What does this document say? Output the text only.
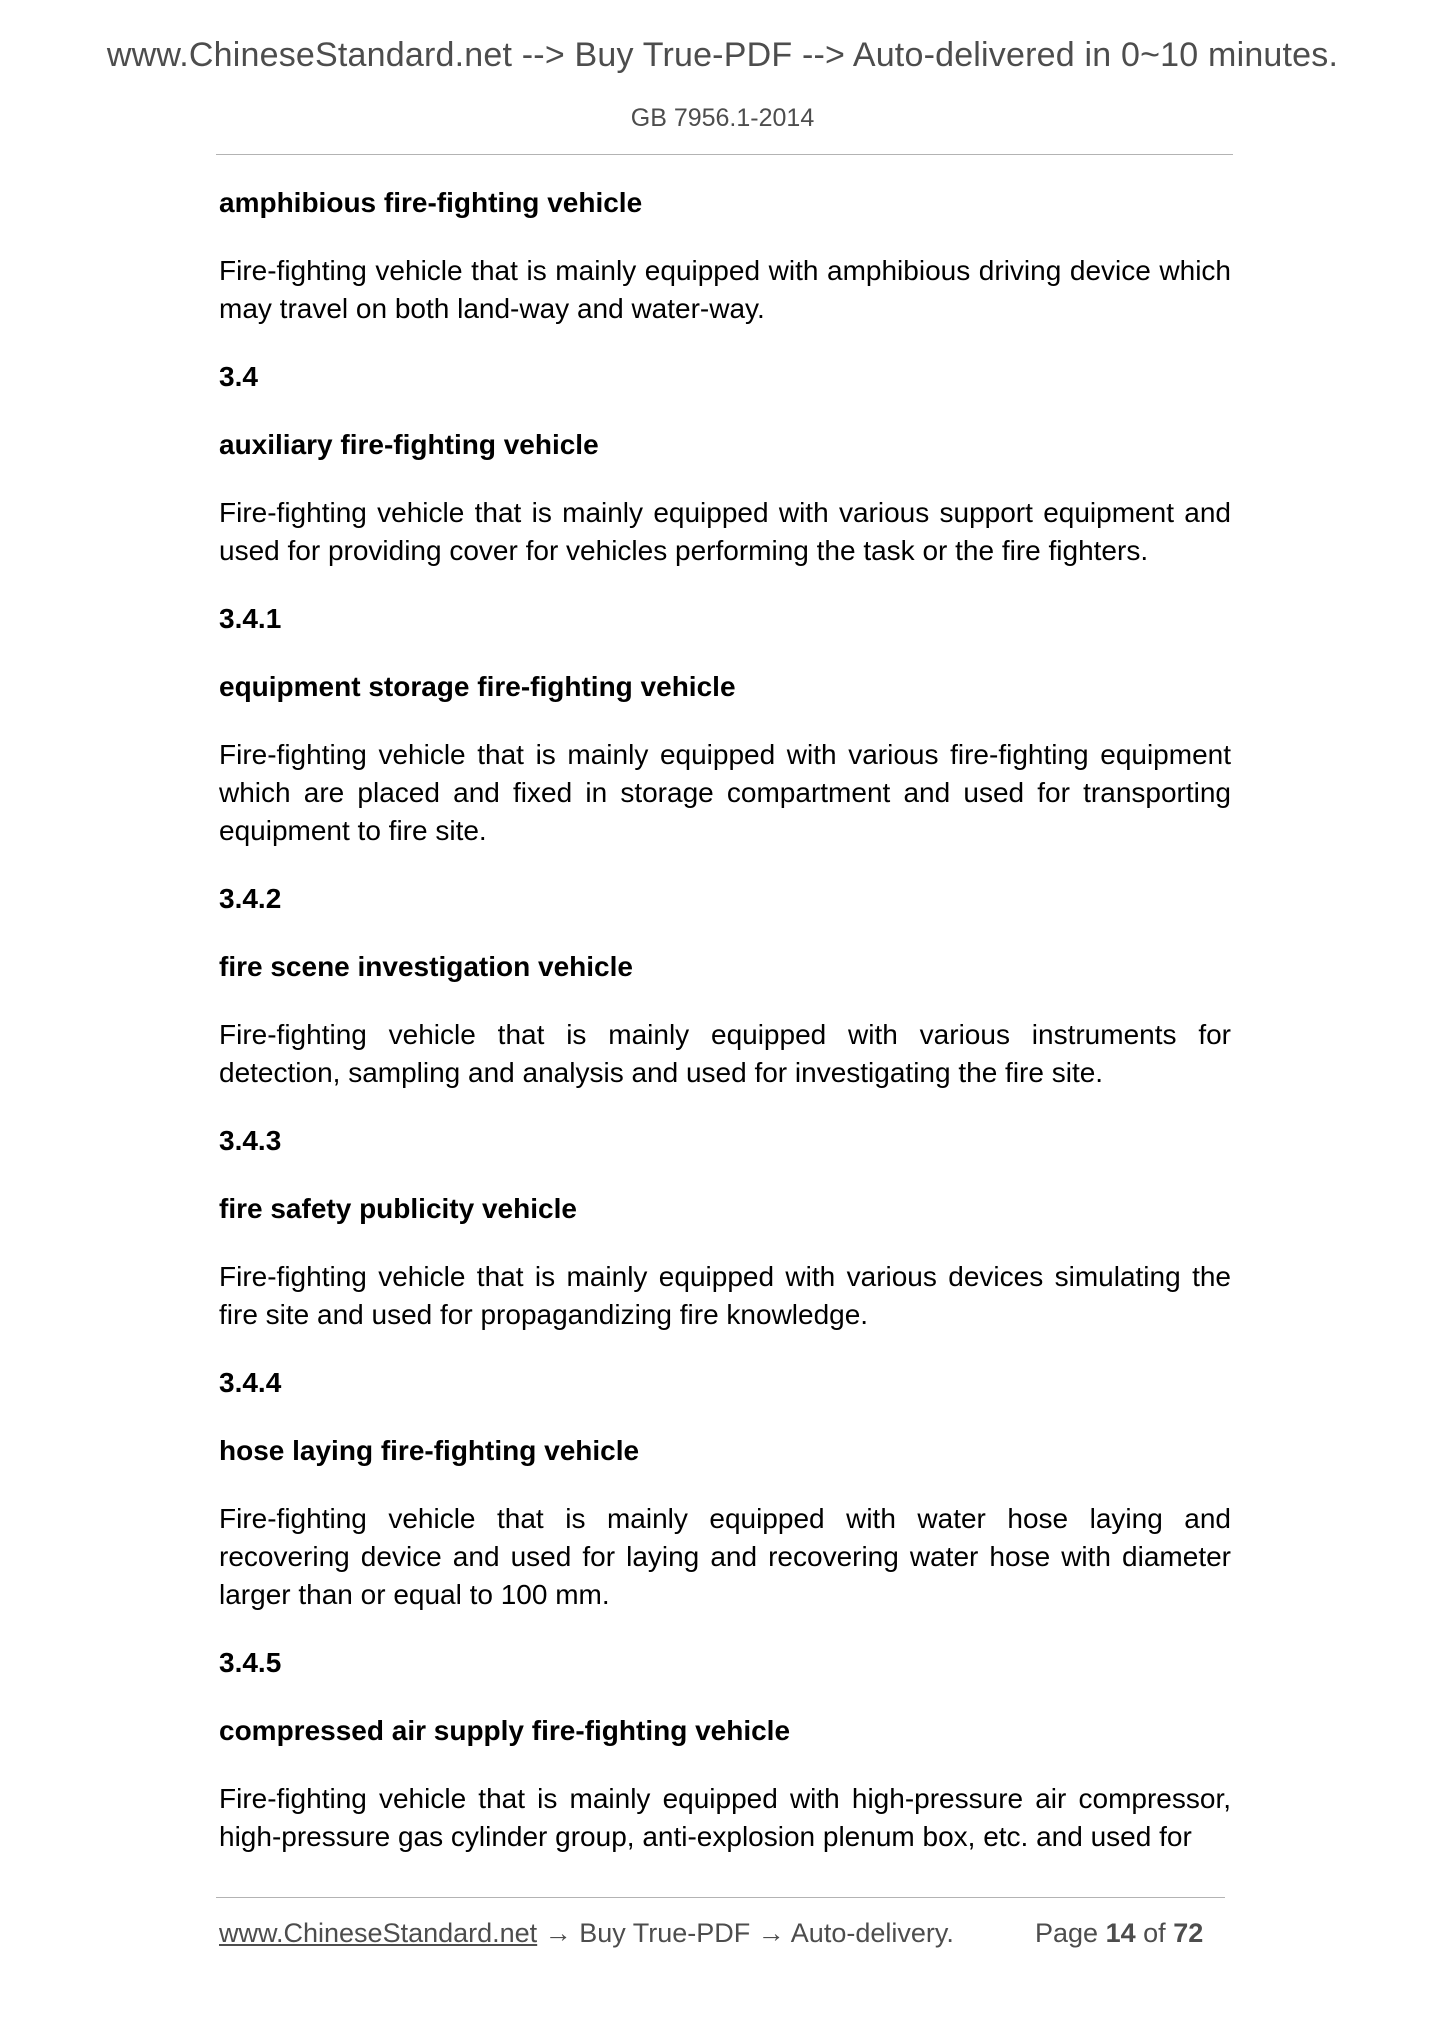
www.ChineseStandard.net --> Buy True-PDF --> Auto-delivered in 0~10 minutes.
GB 7956.1-2014

amphibious fire-fighting vehicle

Fire-fighting vehicle that is mainly equipped with amphibious driving device which may travel on both land-way and water-way.

3.4

auxiliary fire-fighting vehicle

Fire-fighting vehicle that is mainly equipped with various support equipment and used for providing cover for vehicles performing the task or the fire fighters.

3.4.1

equipment storage fire-fighting vehicle

Fire-fighting vehicle that is mainly equipped with various fire-fighting equipment which are placed and fixed in storage compartment and used for transporting equipment to fire site.

3.4.2

fire scene investigation vehicle

Fire-fighting vehicle that is mainly equipped with various instruments for detection, sampling and analysis and used for investigating the fire site.

3.4.3

fire safety publicity vehicle

Fire-fighting vehicle that is mainly equipped with various devices simulating the fire site and used for propagandizing fire knowledge.

3.4.4

hose laying fire-fighting vehicle

Fire-fighting vehicle that is mainly equipped with water hose laying and recovering device and used for laying and recovering water hose with diameter larger than or equal to 100 mm.

3.4.5

compressed air supply fire-fighting vehicle

Fire-fighting vehicle that is mainly equipped with high-pressure air compressor, high-pressure gas cylinder group, anti-explosion plenum box, etc. and used for

www.ChineseStandard.net → Buy True-PDF → Auto-delivery.	Page 14 of 72
